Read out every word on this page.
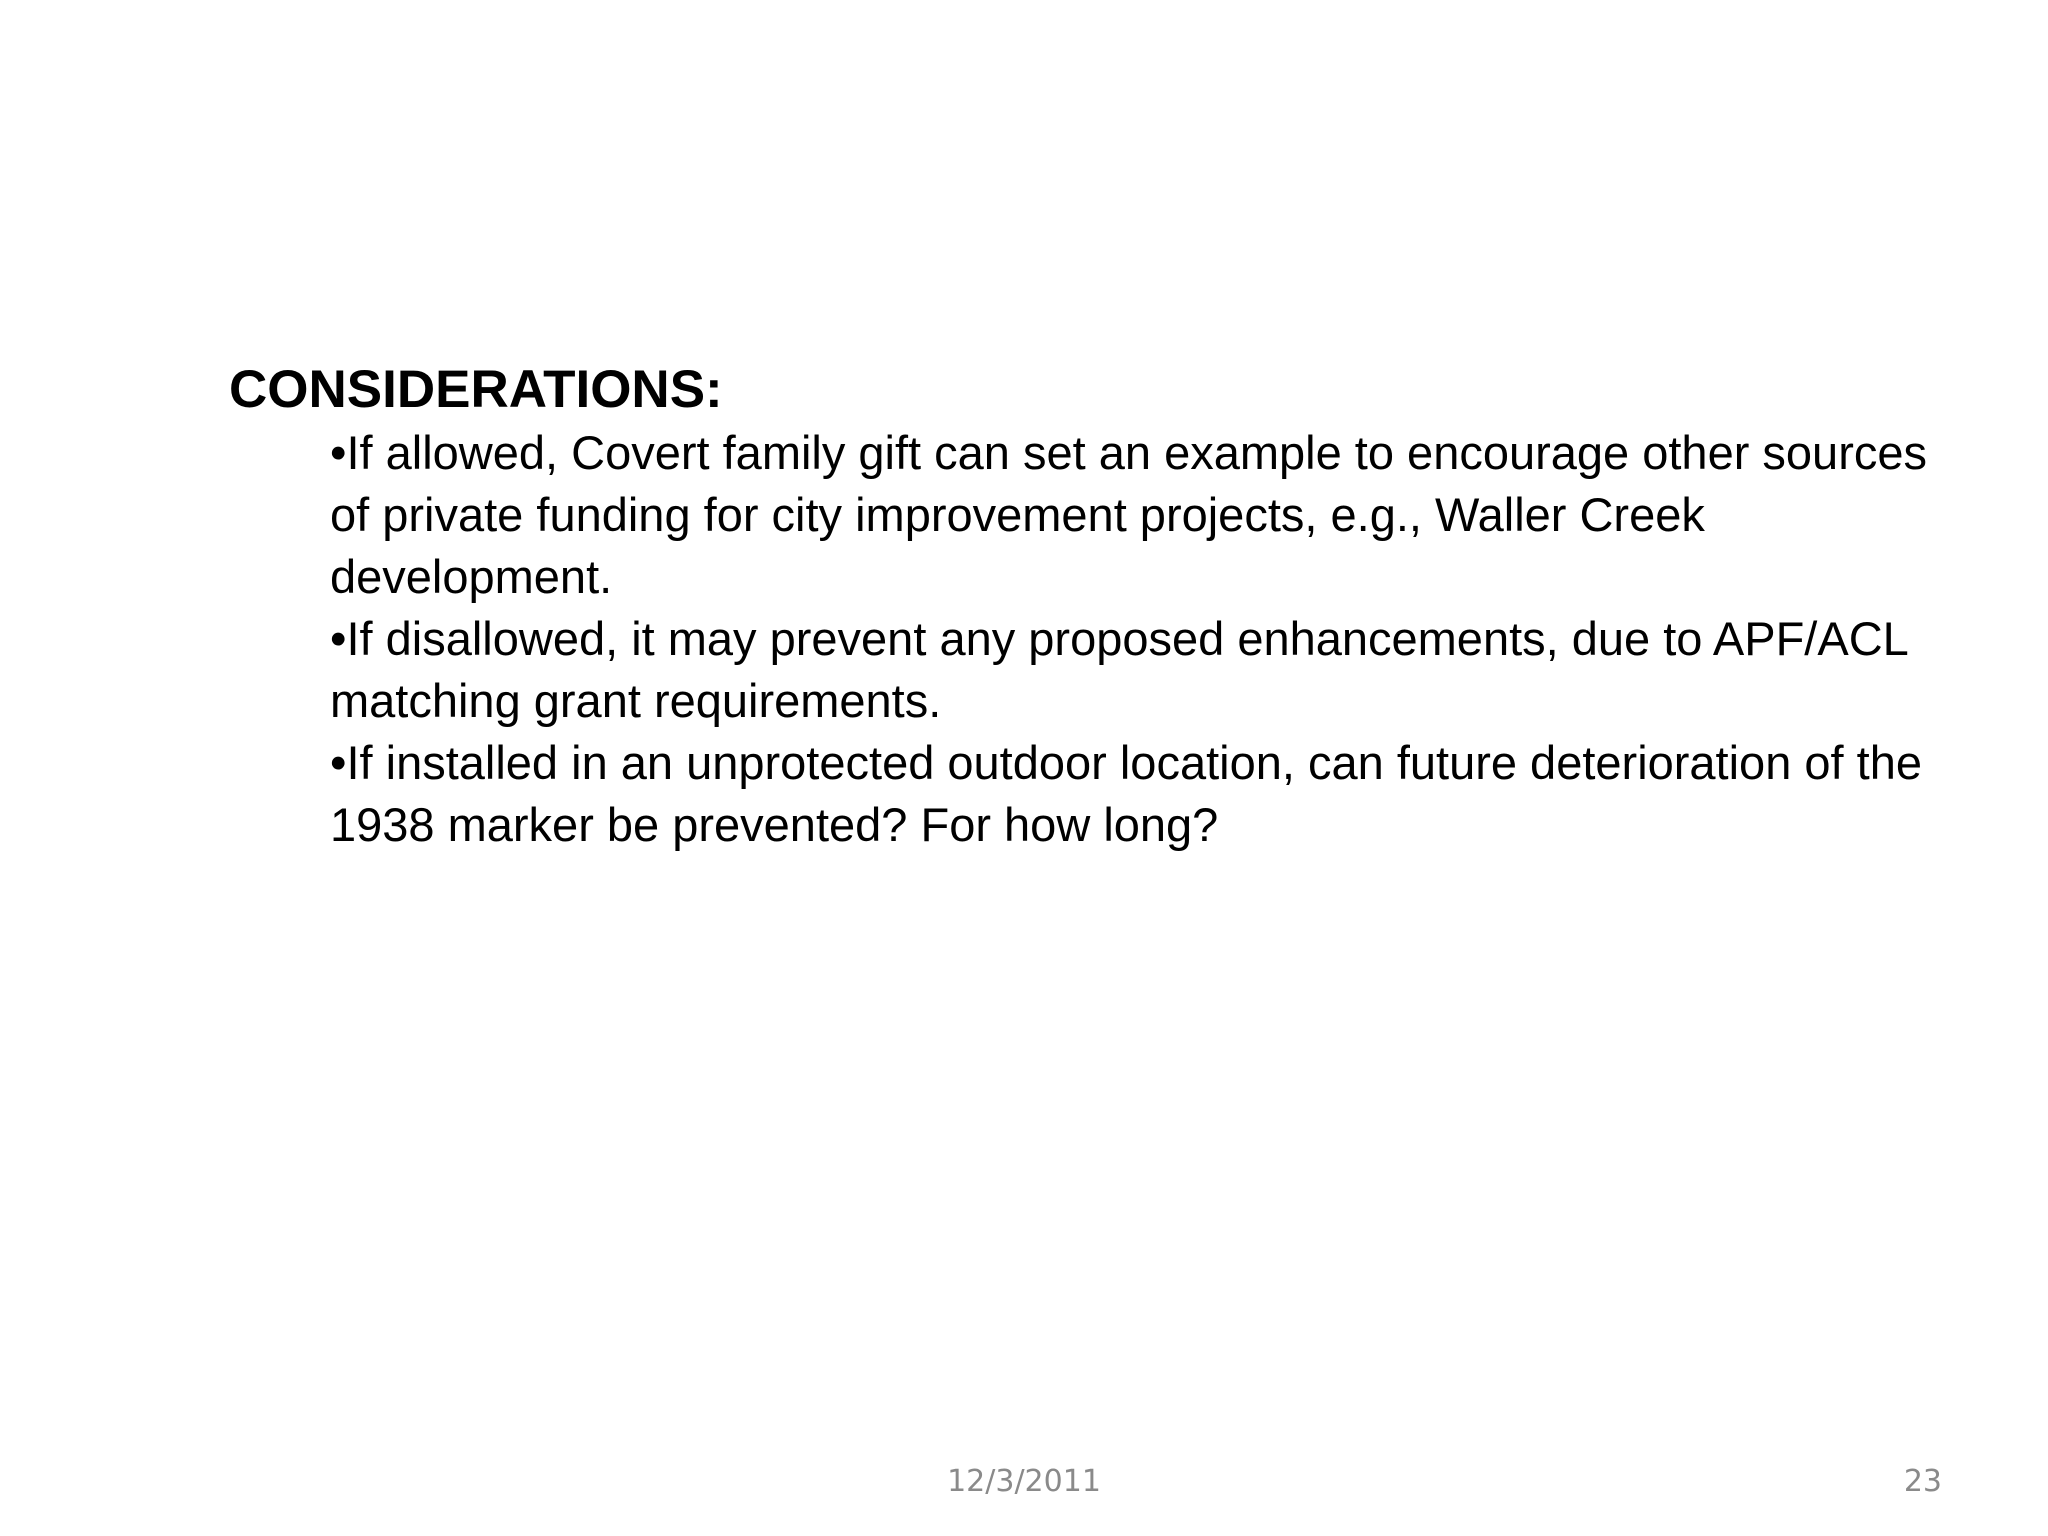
CONSIDERATIONS:

•If allowed, Covert family gift can set an example to encourage other sources of private funding for city improvement projects, e.g., Waller Creek development.
•If disallowed, it may prevent any proposed enhancements, due to APF/ACL matching grant requirements.
•If installed in an unprotected outdoor location, can future deterioration of the 1938 marker be prevented? For how long?
12/3/2011	23
